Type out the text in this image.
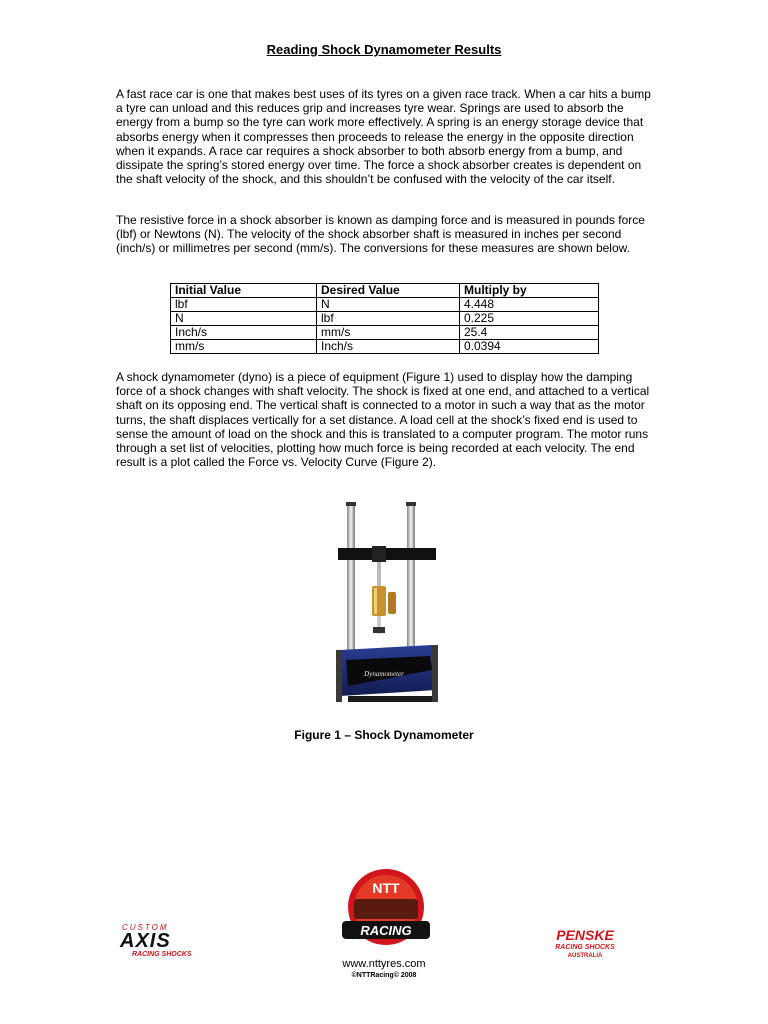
Reading Shock Dynamometer Results

A fast race car is one that makes best uses of its tyres on a given race track. When a car hits a bump a tyre can unload and this reduces grip and increases tyre wear. Springs are used to absorb the energy from a bump so the tyre can work more effectively. A spring is an energy storage device that absorbs energy when it compresses then proceeds to release the energy in the opposite direction when it expands. A race car requires a shock absorber to both absorb energy from a bump, and dissipate the spring’s stored energy over time. The force a shock absorber creates is dependent on the shaft velocity of the shock, and this shouldn’t be confused with the velocity of the car itself.

The resistive force in a shock absorber is known as damping force and is measured in pounds force (lbf) or Newtons (N). The velocity of the shock absorber shaft is measured in inches per second (inch/s) or millimetres per second (mm/s). The conversions for these measures are shown below.

Initial Value	Desired Value	Multiply by
lbf	N	4.448
N	lbf	0.225
Inch/s	mm/s	25.4
mm/s	Inch/s	0.0394

A shock dynamometer (dyno) is a piece of equipment (Figure 1) used to display how the damping force of a shock changes with shaft velocity. The shock is fixed at one end, and attached to a vertical shaft on its opposing end. The vertical shaft is connected to a motor in such a way that as the motor turns, the shaft displaces vertically for a set distance. A load cell at the shock’s fixed end is used to sense the amount of load on the shock and this is translated to a computer program. The motor runs through a set list of velocities, plotting how much force is being recorded at each velocity. The end result is a plot called the Force vs. Velocity Curve (Figure 2).

Dynamometer
Figure 1 – Shock Dynamometer
CUSTOM
AXIS
RACING SHOCKS
NTT
RACING	PENSKE
RACING SHOCKS
AUSTRALIA
www.nttyres.com
©NTTRacing© 2008
